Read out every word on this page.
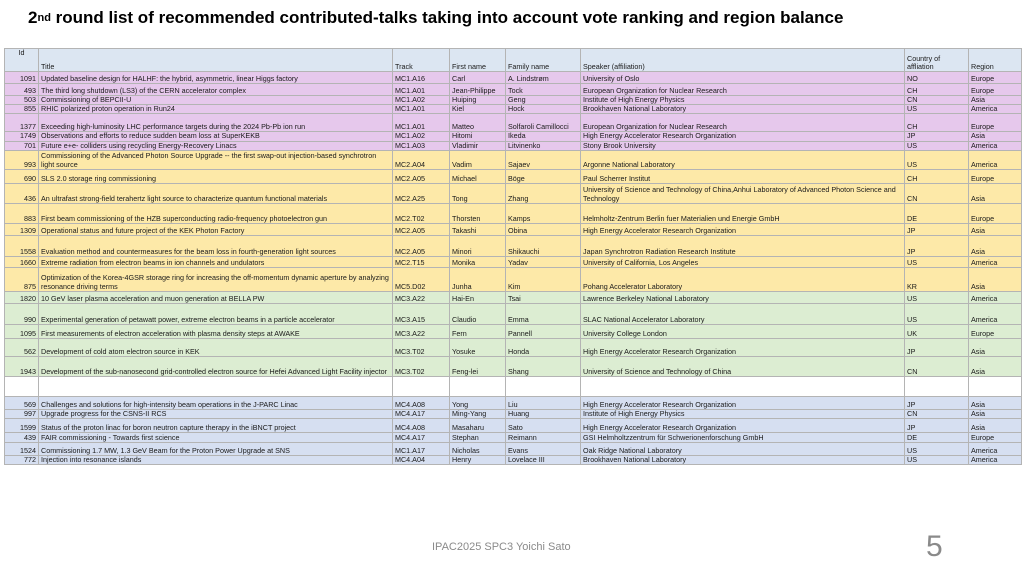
2nd round list of recommended contributed-talks taking into account vote ranking and region balance
Id	Title	Track	First name	Family name	Speaker (affiliation)	Country of affliation	Region
1091	Updated baseline design for HALHF: the hybrid, asymmetric, linear Higgs factory	MC1.A16	Carl	A. Lindstrøm	University of Oslo	NO	Europe
493	The third long shutdown (LS3) of the CERN accelerator complex	MC1.A01	Jean-Philippe	Tock	European Organization for Nuclear Research	CH	Europe
503	Commissioning of BEPCII-U	MC1.A02	Huiping	Geng	Institute of High Energy Physics	CN	Asia
855	RHIC polarized proton operation in Run24	MC1.A01	Kiel	Hock	Brookhaven National Laboratory	US	America
1377	Exceeding high-luminosity LHC performance targets during the 2024 Pb-Pb ion run	MC1.A01	Matteo	Solfaroli Camillocci	European Organization for Nuclear Research	CH	Europe
1749	Observations and efforts to reduce sudden beam loss at SuperKEKB	MC1.A02	Hitomi	Ikeda	High Energy Accelerator Research Organization	JP	Asia
701	Future e+e- colliders using recycling Energy-Recovery Linacs	MC1.A03	Vladimir	Litvinenko	Stony Brook University	US	America
993	Commissioning of the Advanced Photon Source Upgrade -- the first swap-out injection-based synchrotron light source	MC2.A04	Vadim	Sajaev	Argonne National Laboratory	US	America
690	SLS 2.0 storage ring commissioning	MC2.A05	Michael	Böge	Paul Scherrer Institut	CH	Europe
436	An ultrafast strong-field terahertz light source to characterize quantum functional materials	MC2.A25	Tong	Zhang	University of Science and Technology of China,Anhui Laboratory of Advanced Photon Science and Technology	CN	Asia
883	First beam commissioning of the HZB superconducting radio-frequency photoelectron gun	MC2.T02	Thorsten	Kamps	Helmholtz-Zentrum Berlin fuer Materialien und Energie GmbH	DE	Europe
1309	Operational status and future project of the KEK Photon Factory	MC2.A05	Takashi	Obina	High Energy Accelerator Research Organization	JP	Asia
1558	Evaluation method and countermeasures for the beam loss in fourth-generation light sources	MC2.A05	Minori	Shikauchi	Japan Synchrotron Radiation Research Institute	JP	Asia
1660	Extreme radiation from electron beams in ion channels and undulators	MC2.T15	Monika	Yadav	University of California, Los Angeles	US	America
875	Optimization of the Korea-4GSR storage ring for increasing the off-momentum dynamic aperture by analyzing resonance driving terms	MC5.D02	Junha	Kim	Pohang Accelerator Laboratory	KR	Asia
1820	10 GeV laser plasma acceleration and muon generation at BELLA PW	MC3.A22	Hai-En	Tsai	Lawrence Berkeley National Laboratory	US	America
990	Experimental generation of petawatt power, extreme electron beams in a particle accelerator	MC3.A15	Claudio	Emma	SLAC National Accelerator Laboratory	US	America
1095	First measurements of electron acceleration with plasma density steps at AWAKE	MC3.A22	Fern	Pannell	University College London	UK	Europe
562	Development of cold atom electron source in KEK	MC3.T02	Yosuke	Honda	High Energy Accelerator Research Organization	JP	Asia
1943	Development of the sub-nanosecond grid-controlled electron source for Hefei Advanced Light Facility injector	MC3.T02	Feng-lei	Shang	University of Science and Technology of China	CN	Asia

569	Challenges and solutions for high-intensity beam operations in the J-PARC Linac	MC4.A08	Yong	Liu	High Energy Accelerator Research Organization	JP	Asia
997	Upgrade progress for the CSNS-II RCS	MC4.A17	Ming-Yang	Huang	Institute of High Energy Physics	CN	Asia
1599	Status of the proton linac for boron neutron capture therapy in the iBNCT project	MC4.A08	Masaharu	Sato	High Energy Accelerator Research Organization	JP	Asia
439	FAIR commissioning - Towards first science	MC4.A17	Stephan	Reimann	GSI Helmholtzzentrum für Schwerionenforschung GmbH	DE	Europe
1524	Commissioning 1.7 MW, 1.3 GeV Beam for the Proton Power Upgrade at SNS	MC1.A17	Nicholas	Evans	Oak Ridge National Laboratory	US	America
772	Injection into resonance islands	MC4.A04	Henry	Lovelace III	Brookhaven National Laboratory	US	America
IPAC2025 SPC3 Yoichi Sato	5
